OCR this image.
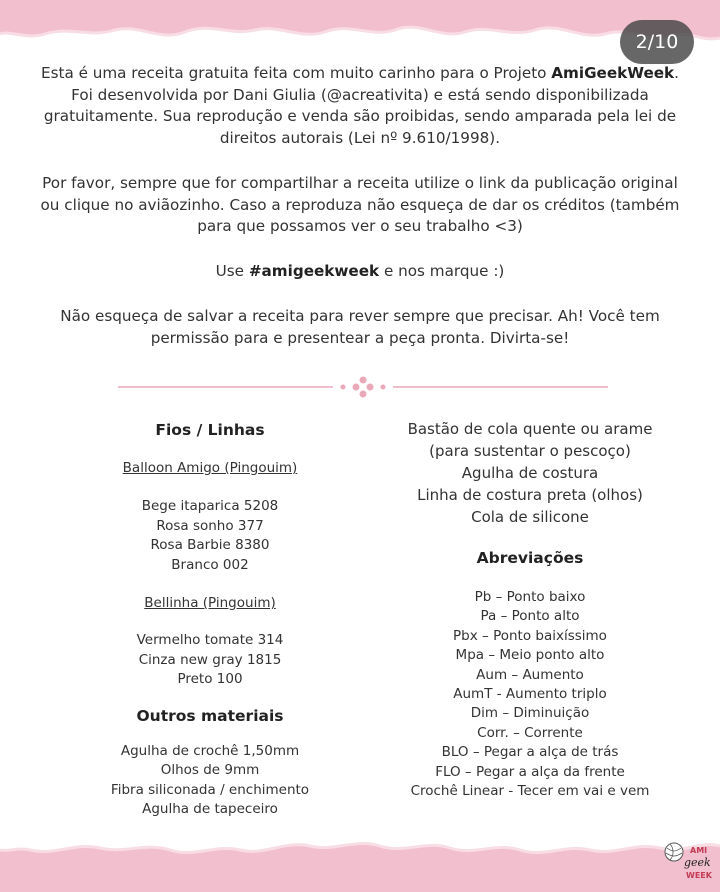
2/10
Esta é uma receita gratuita feita com muito carinho para o Projeto AmiGeekWeek. Foi desenvolvida por Dani Giulia (@acreativita) e está sendo disponibilizada gratuitamente. Sua reprodução e venda são proibidas, sendo amparada pela lei de direitos autorais (Lei nº 9.610/1998).
Por favor, sempre que for compartilhar a receita utilize o link da publicação original ou clique no aviãozinho. Caso a reproduza não esqueça de dar os créditos (também para que possamos ver o seu trabalho <3)
Use #amigeekweek e nos marque :)
Não esqueça de salvar a receita para rever sempre que precisar. Ah! Você tem permissão para e presentear a peça pronta. Divirta-se!
Fios / Linhas
Balloon Amigo (Pingouim)
Bege itaparica 5208
Rosa sonho 377
Rosa Barbie 8380
Branco 002
Bellinha (Pingouim)
Vermelho tomate 314
Cinza new gray 1815
Preto 100
Outros materiais
Agulha de crochê 1,50mm
Olhos de 9mm
Fibra siliconada / enchimento
Agulha de tapeceiro
Bastão de cola quente ou arame
(para sustentar o pescoço)
Agulha de costura
Linha de costura preta (olhos)
Cola de silicone
Abreviações
Pb – Ponto baixo
Pa – Ponto alto
Pbx – Ponto baixíssimo
Mpa – Meio ponto alto
Aum – Aumento
AumT - Aumento triplo
Dim – Diminuição
Corr. – Corrente
BLO – Pegar a alça de trás
FLO – Pegar a alça da frente
Crochê Linear - Tecer em vai e vem
AMI
geek
WEEK
